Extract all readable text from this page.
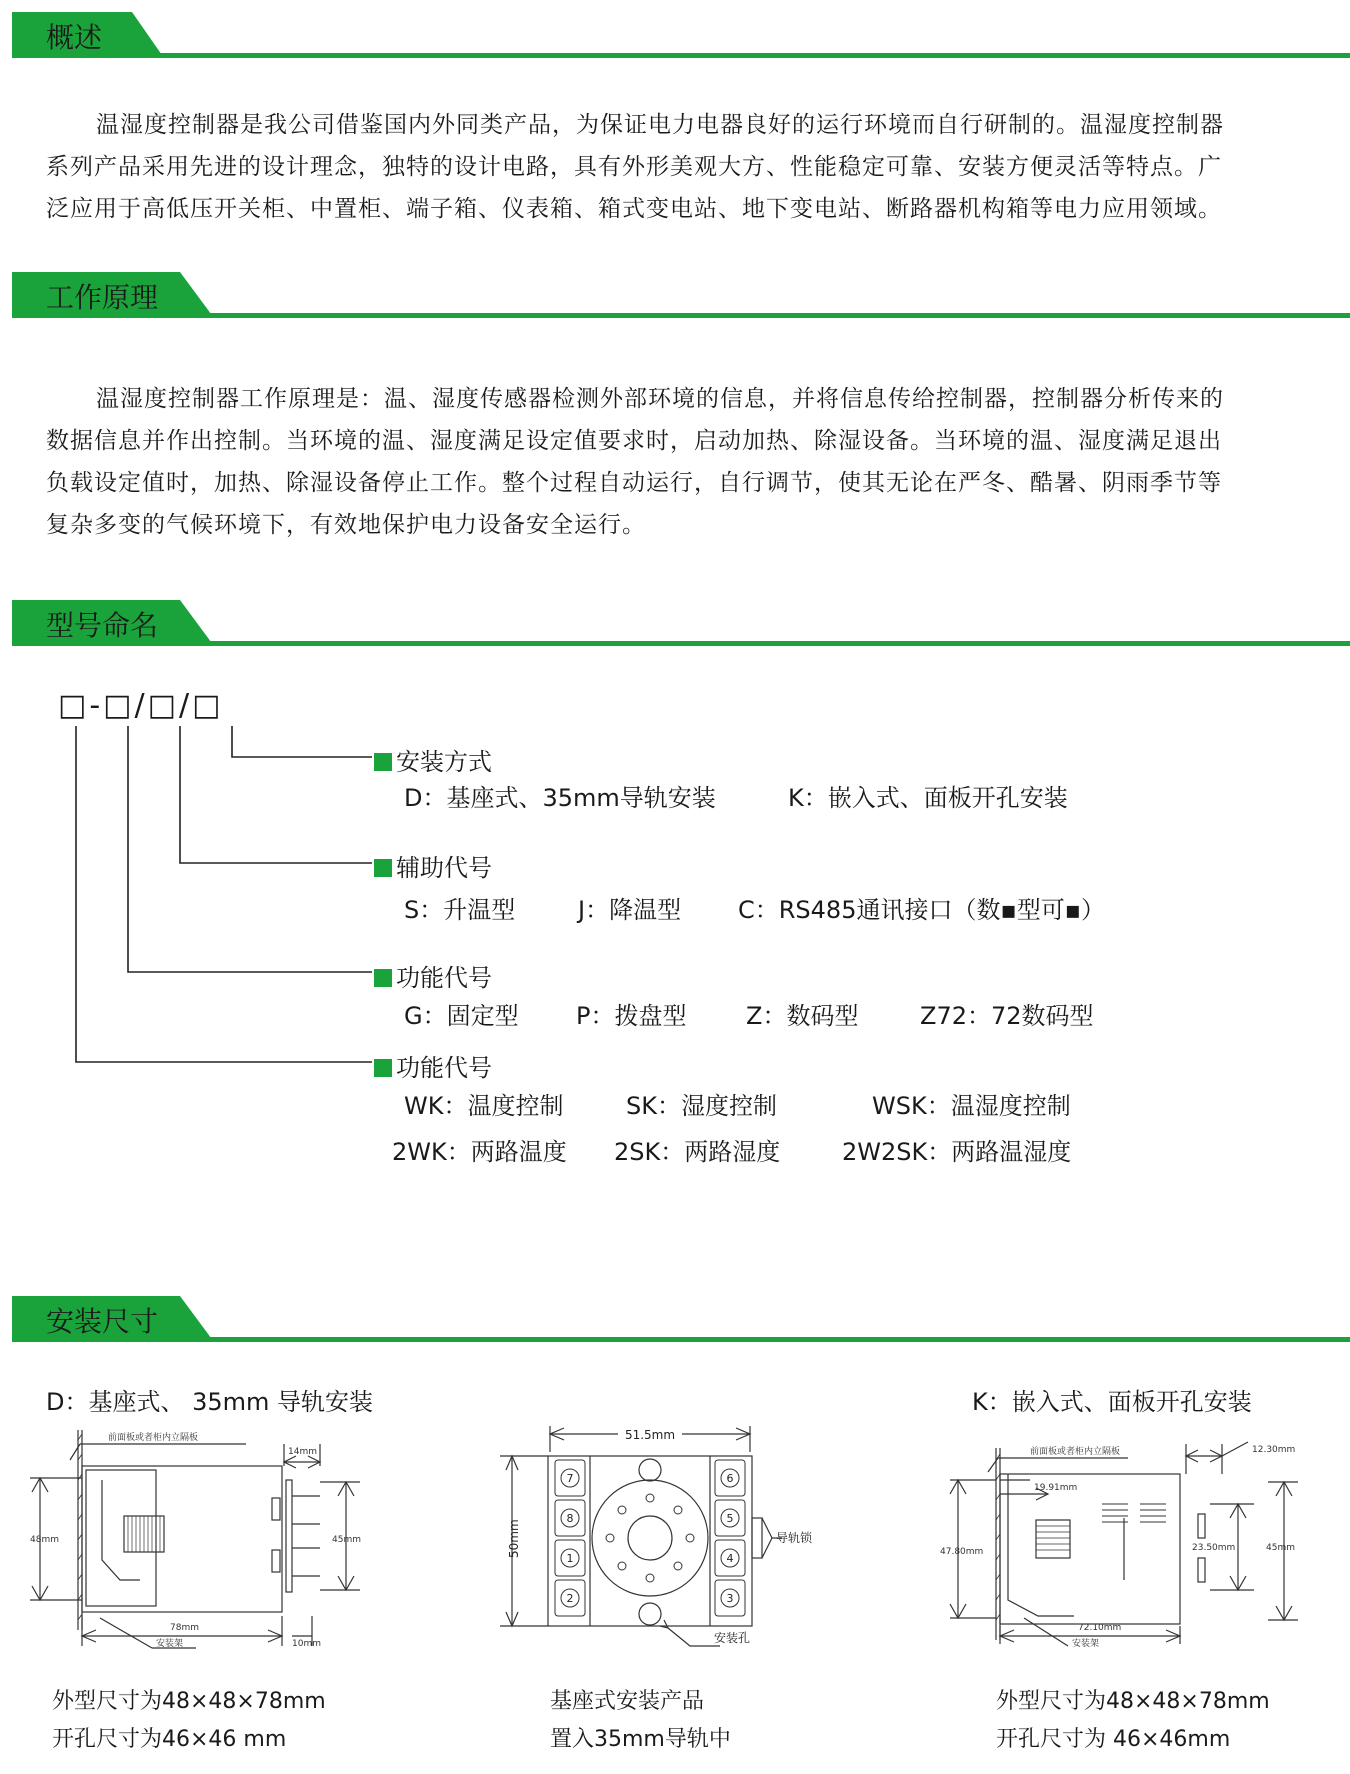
概述
温湿度控制器是我公司借鉴国内外同类产品，为保证电力电器良好的运行环境而自行研制的。温湿度控制器系列产品采用先进的设计理念，独特的设计电路，具有外形美观大方、性能稳定可靠、安装方便灵活等特点。广泛应用于高低压开关柜、中置柜、端子箱、仪表箱、箱式变电站、地下变电站、断路器机构箱等电力应用领域。
工作原理
温湿度控制器工作原理是：温、湿度传感器检测外部环境的信息，并将信息传给控制器，控制器分析传来的数据信息并作出控制。当环境的温、湿度满足设定值要求时，启动加热、除湿设备。当环境的温、湿度满足退出负载设定值时，加热、除湿设备停止工作。整个过程自动运行，自行调节，使其无论在严冬、酷暑、阴雨季节等复杂多变的气候环境下，有效地保护电力设备安全运行。
型号命名
□-□/□/□
安装方式
D：基座式、35mm导轨安装	K：嵌入式、面板开孔安装
辅助代号
S：升温型	J：降温型 C：RS485通讯接口（数▪型可▪）
功能代号
G：固定型 P：拨盘型 Z：数码型	Z72：72数码型
功能代号
WK：温度控制	SK：湿度控制	WSK：温湿度控制
2WK：两路温度 2SK：两路湿度	2W2SK：两路温湿度
安装尺寸
D：基座式、 35mm 导轨安装	K：嵌入式、面板开孔安装
前面板或者柜内立隔板
14mm
48mm	45mm
78mm
安装架	10mm
7
8
1
2
6
5
4
3
51.5mm
50mm	导轨锁
安装孔
前面板或者柜内立隔板	12.30mm
19.91mm
47.80mm	23.50mm	45mm
72.10mm
安装架
外型尺寸为48×48×78mm
开孔尺寸为46×46 mm
基座式安装产品
置入35mm导轨中
外型尺寸为48×48×78mm
开孔尺寸为 46×46mm
